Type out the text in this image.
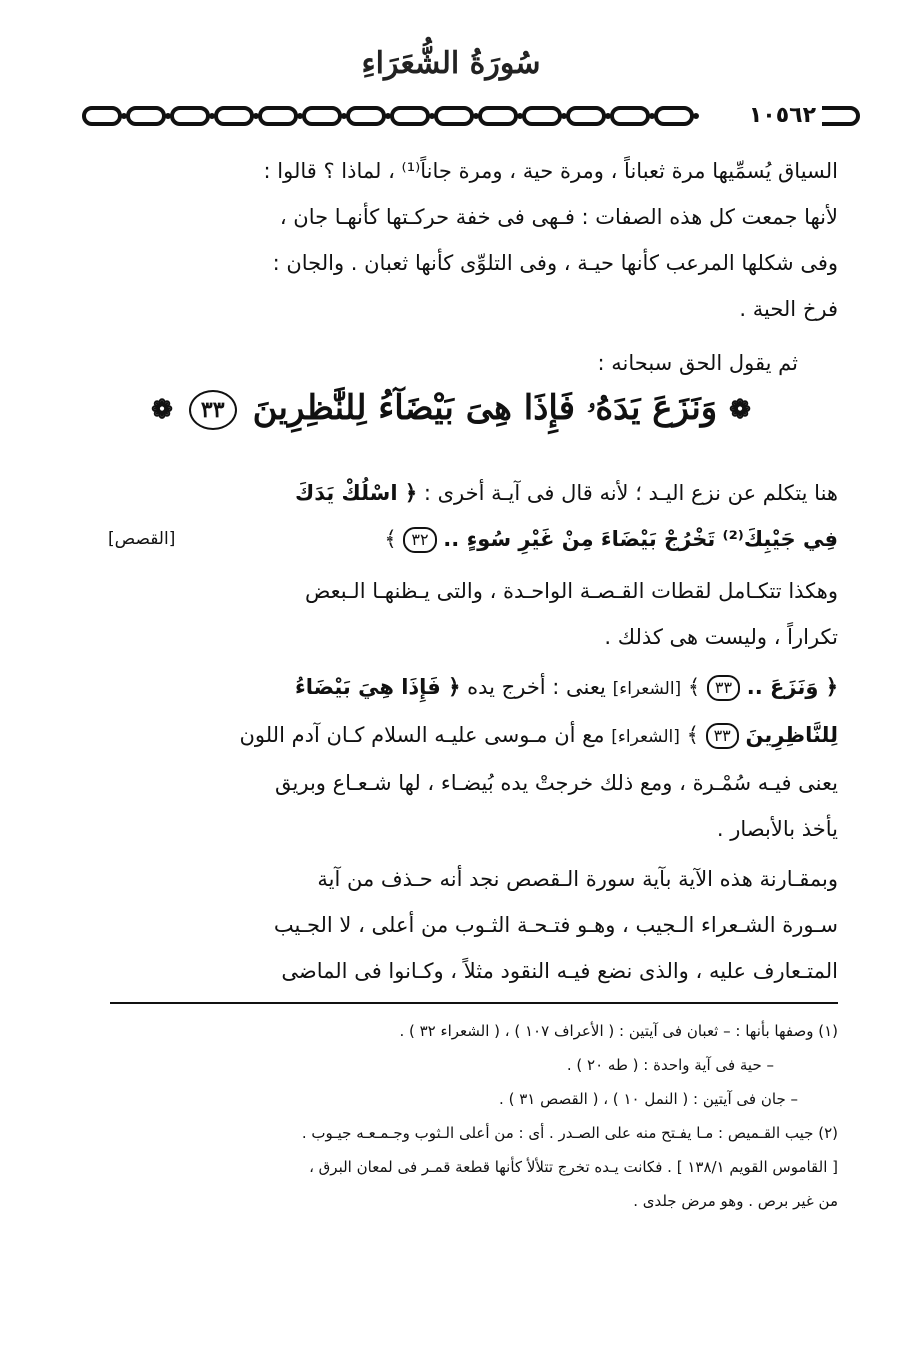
سُورَةُ الشُّعَرَاءِ
١٠٥٦٢
السياق يُسمِّيها مرة ثعباناً ، ومرة حية ، ومرة جاناً⁽¹⁾ ، لماذا ؟ قالوا :
لأنها جمعت كل هذه الصفات : فـهى فى خفة حركـتها كأنهـا جان ،
وفى شكلها المرعب كأنها حيـة ، وفى التلوِّى كأنها ثعبان . والجان :
فرخ الحية .
ثم يقول الحق سبحانه :
❁ وَنَزَعَ يَدَهُۥ فَإِذَا هِىَ بَيْضَآءُ لِلنَّٰظِرِينَ ٣٣ ❁
هنا يتكلم عن نزع اليـد ؛ لأنه قال فى آيـة أخرى : ﴿ اسْلُكْ يَدَكَ
فِي جَيْبِكَ⁽²⁾ تَخْرُجْ بَيْضَاءَ مِنْ غَيْرِ سُوءٍ .. ٣٢ ﴾
[القصص]
وهكذا تتكـامل لقطات القـصـة الواحـدة ، والتى يـظنهـا الـبعض
تكراراً ، وليست هى كذلك .
﴿ وَنَزَعَ .. ٣٣ ﴾ [الشعراء] يعنى : أخرج يده ﴿ فَإِذَا هِيَ بَيْضَاءُ
لِلنَّاظِرِينَ ٣٣ ﴾ [الشعراء] مع أن مـوسى عليـه السلام كـان آدم اللون
يعنى فيـه سُمْـرة ، ومع ذلك خرجتْ يده بُيضـاء ، لها شـعـاع وبريق
يأخذ بالأبصار .
وبمقـارنة هذه الآية بآية سورة الـقصص نجد أنه حـذف من آية
سـورة الشـعراء الـجيب ، وهـو فتـحـة الثـوب من أعلى ، لا الجـيب
المتـعارف عليه ، والذى نضع فيـه النقود مثلاً ، وكـانوا فى الماضى
(١) وصفها بأنها : – ثعبان فى آيتين : ( الأعراف ١٠٧ ) ، ( الشعراء ٣٢ ) .
– حية فى آية واحدة : ( طه ٢٠ ) .
– جان فى آيتين : ( النمل ١٠ ) ، ( القصص ٣١ ) .
(٢) جيب القـميص : مـا يفـتح منه على الصـدر . أى : من أعلى الـثوب وجـمـعـه جيـوب .
[ القاموس القويم ١٣٨/١ ] . فكانت يـده تخرج تتلألأ كأنها قطعة قمـر فى لمعان البرق ،
من غير برص . وهو مرض جلدى .
